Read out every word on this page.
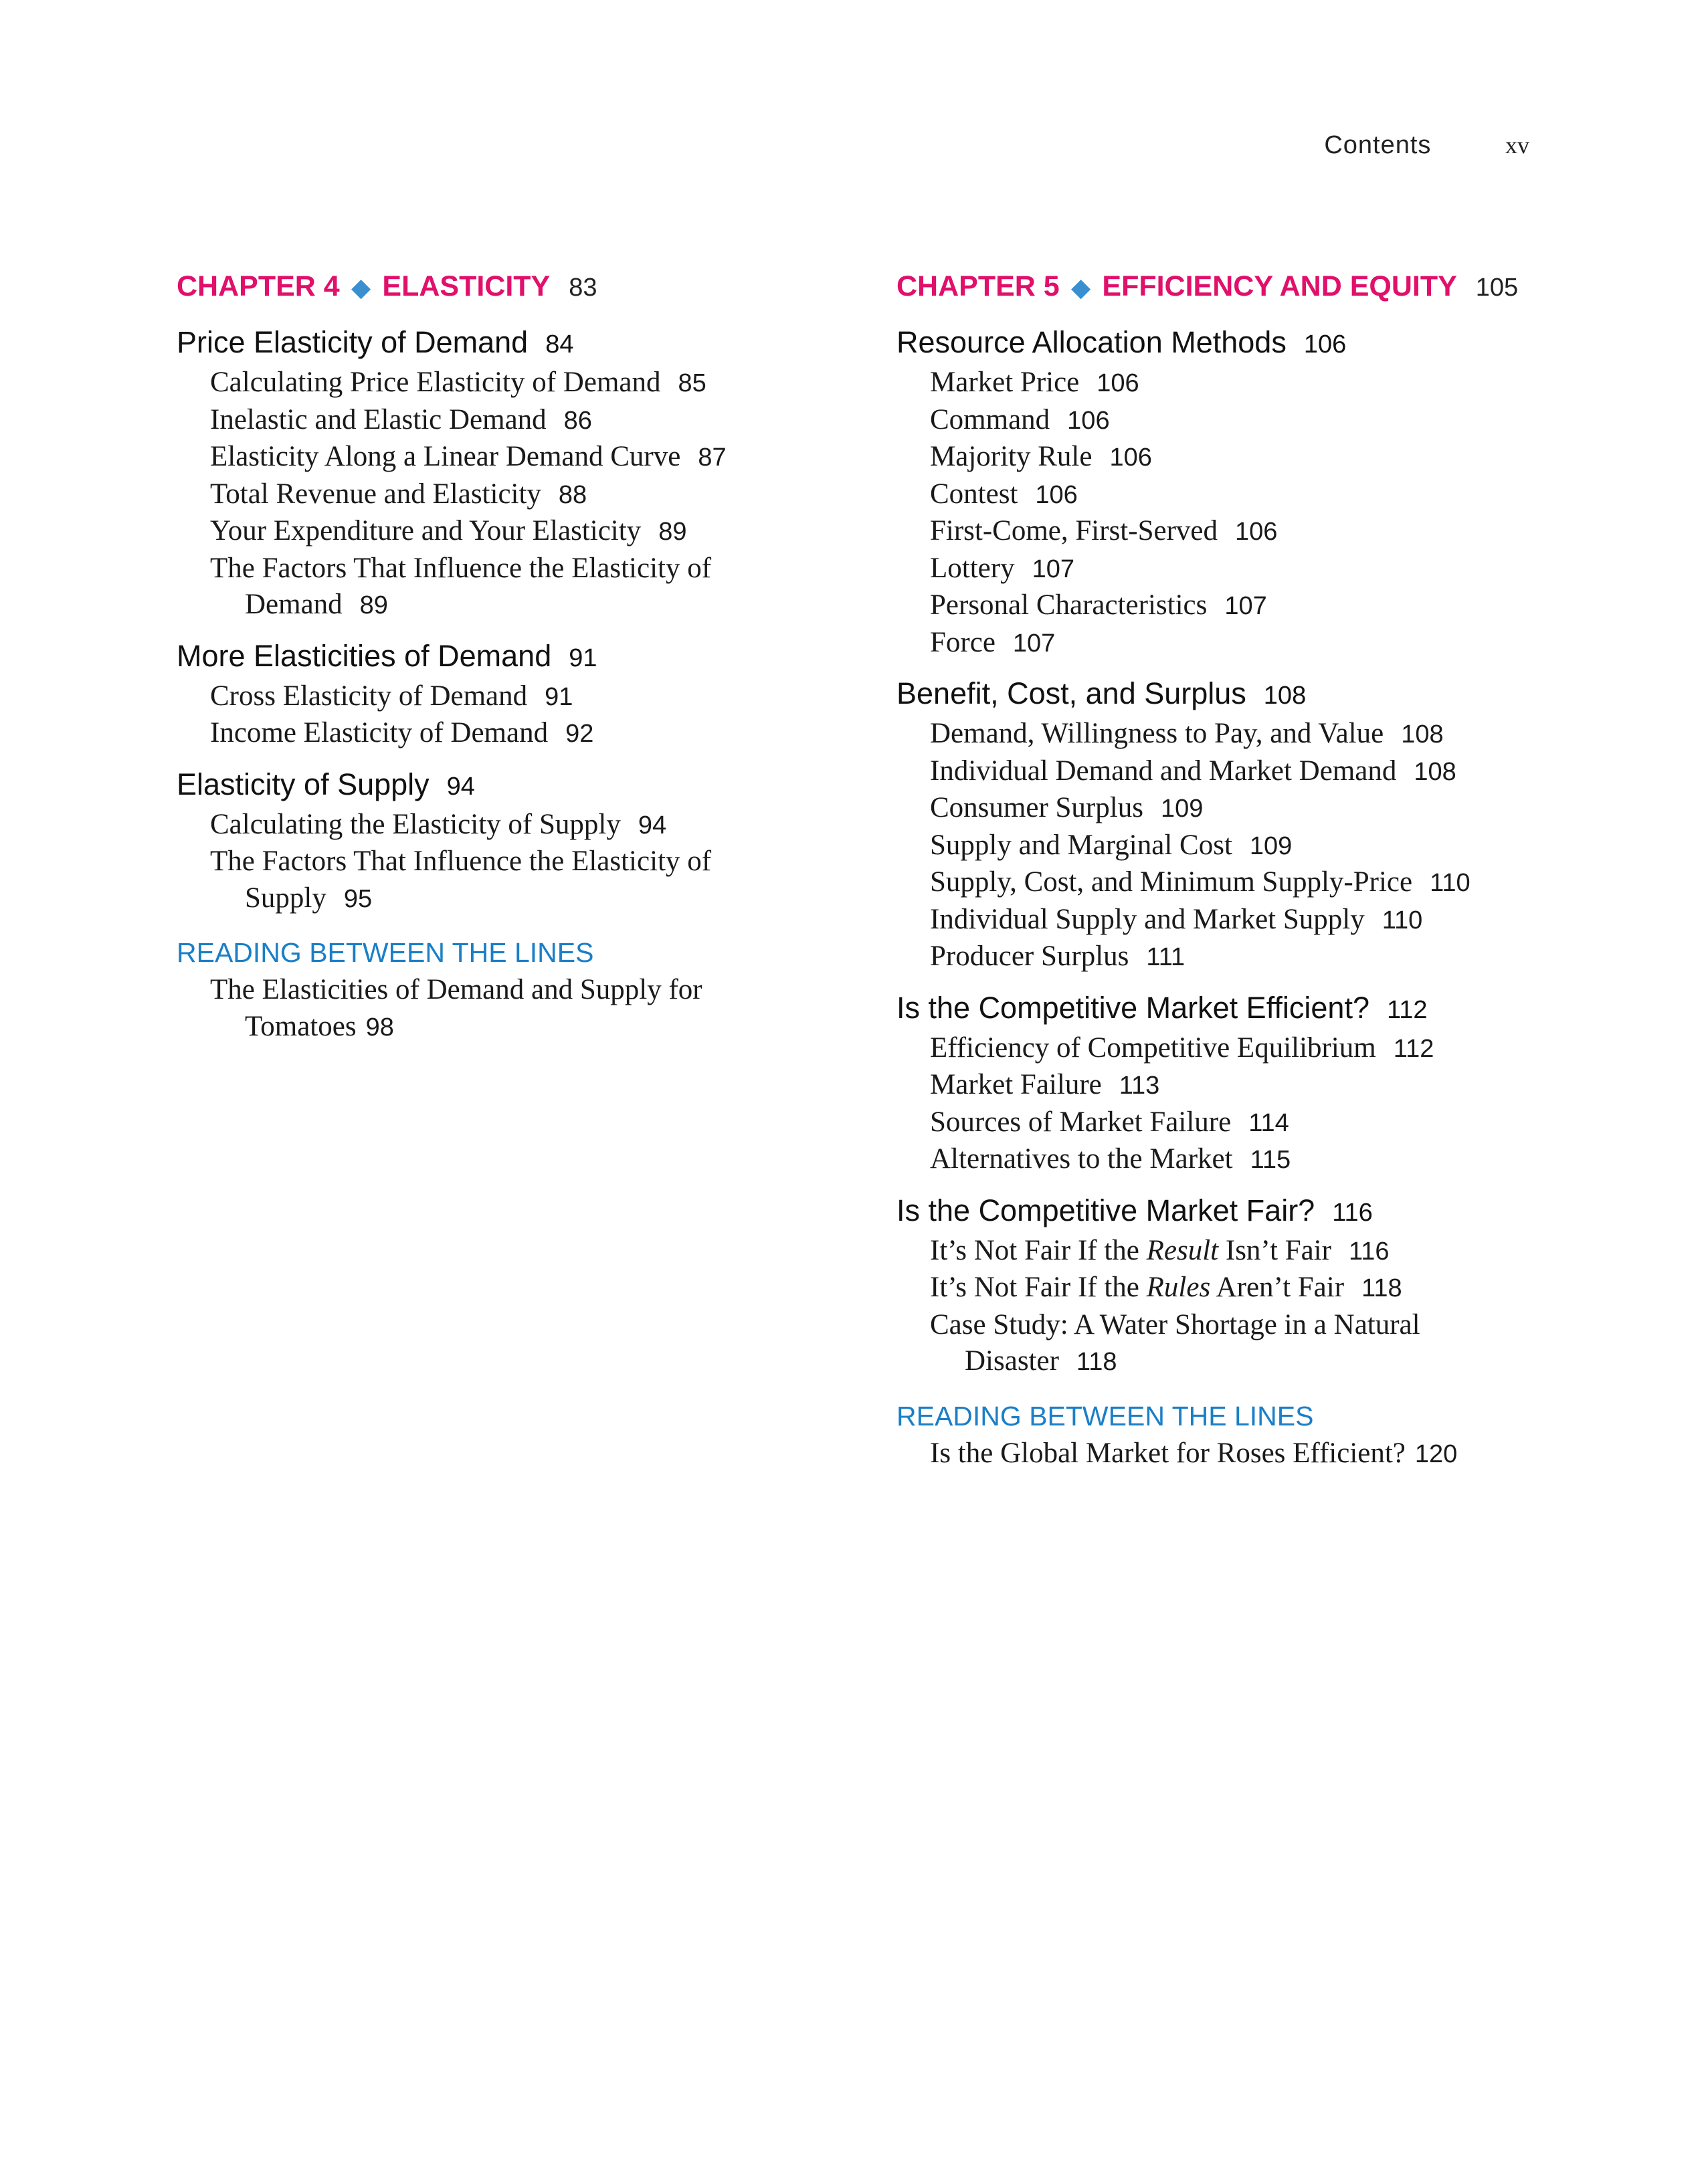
Contents	xv
CHAPTER 4 ◆ ELASTICITY 83
Price Elasticity of Demand 84
Calculating Price Elasticity of Demand 85
Inelastic and Elastic Demand 86
Elasticity Along a Linear Demand Curve 87
Total Revenue and Elasticity 88
Your Expenditure and Your Elasticity 89
The Factors That Influence the Elasticity of
Demand 89
More Elasticities of Demand 91
Cross Elasticity of Demand 91
Income Elasticity of Demand 92
Elasticity of Supply 94
Calculating the Elasticity of Supply 94
The Factors That Influence the Elasticity of
Supply 95
READING BETWEEN THE LINES
The Elasticities of Demand and Supply for
Tomatoes 98
CHAPTER 5 ◆ EFFICIENCY AND EQUITY 105
Resource Allocation Methods 106
Market Price 106
Command 106
Majority Rule 106
Contest 106
First-Come, First-Served 106
Lottery 107
Personal Characteristics 107
Force 107
Benefit, Cost, and Surplus 108
Demand, Willingness to Pay, and Value 108
Individual Demand and Market Demand 108
Consumer Surplus 109
Supply and Marginal Cost 109
Supply, Cost, and Minimum Supply-Price 110
Individual Supply and Market Supply 110
Producer Surplus 111
Is the Competitive Market Efficient? 112
Efficiency of Competitive Equilibrium 112
Market Failure 113
Sources of Market Failure 114
Alternatives to the Market 115
Is the Competitive Market Fair? 116
It’s Not Fair If the Result Isn’t Fair 116
It’s Not Fair If the Rules Aren’t Fair 118
Case Study: A Water Shortage in a Natural
Disaster 118
READING BETWEEN THE LINES
Is the Global Market for Roses Efficient? 120
